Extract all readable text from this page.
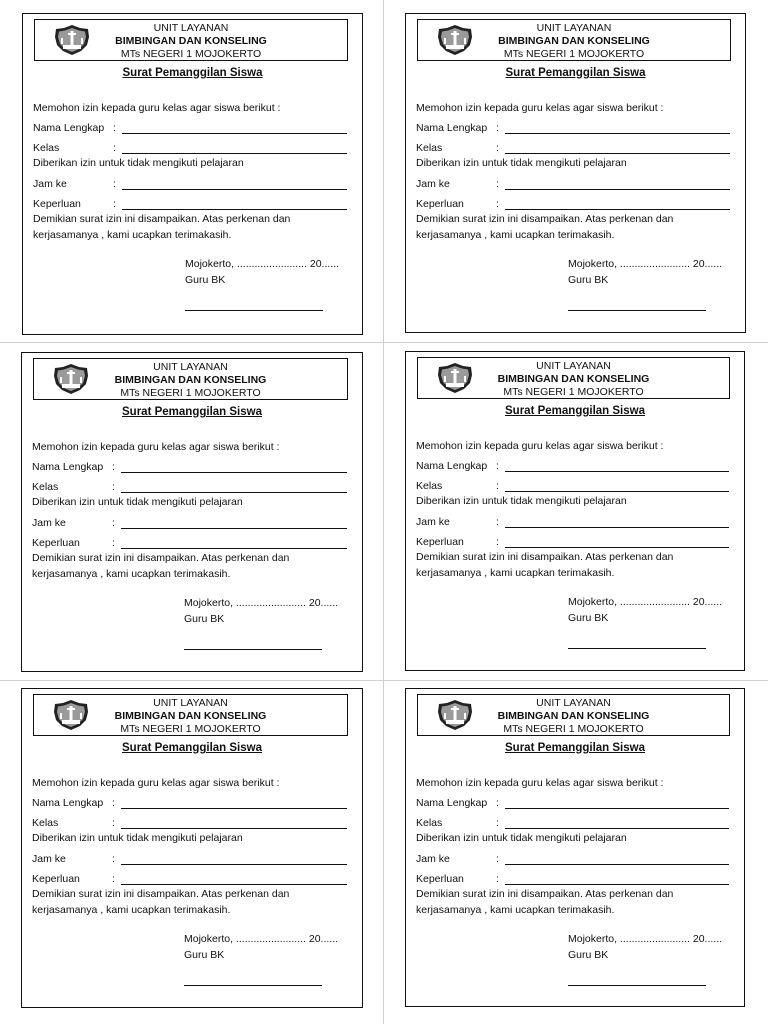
UNIT LAYANAN
BIMBINGAN DAN KONSELING
MTs NEGERI 1 MOJOKERTO
Surat Pemanggilan Siswa
Memohon izin kepada guru kelas agar siswa berikut :
Nama Lengkap :
Kelas	:
Diberikan izin untuk tidak mengikuti pelajaran
Jam ke	:
Keperluan	:
Demikian surat izin ini disampaikan. Atas perkenan dan
kerjasamanya , kami ucapkan terimakasih.
Mojokerto, ........................ 20......
Guru BK
UNIT LAYANAN
BIMBINGAN DAN KONSELING
MTs NEGERI 1 MOJOKERTO
Surat Pemanggilan Siswa
Memohon izin kepada guru kelas agar siswa berikut :
Nama Lengkap :
Kelas	:
Diberikan izin untuk tidak mengikuti pelajaran
Jam ke	:
Keperluan	:
Demikian surat izin ini disampaikan. Atas perkenan dan
kerjasamanya , kami ucapkan terimakasih.
Mojokerto, ........................ 20......
Guru BK
UNIT LAYANAN
BIMBINGAN DAN KONSELING
MTs NEGERI 1 MOJOKERTO
Surat Pemanggilan Siswa
Memohon izin kepada guru kelas agar siswa berikut :
Nama Lengkap :
Kelas	:
Diberikan izin untuk tidak mengikuti pelajaran
Jam ke	:
Keperluan	:
Demikian surat izin ini disampaikan. Atas perkenan dan
kerjasamanya , kami ucapkan terimakasih.
Mojokerto, ........................ 20......
Guru BK
UNIT LAYANAN
BIMBINGAN DAN KONSELING
MTs NEGERI 1 MOJOKERTO
Surat Pemanggilan Siswa
Memohon izin kepada guru kelas agar siswa berikut :
Nama Lengkap :
Kelas	:
Diberikan izin untuk tidak mengikuti pelajaran
Jam ke	:
Keperluan	:
Demikian surat izin ini disampaikan. Atas perkenan dan
kerjasamanya , kami ucapkan terimakasih.
Mojokerto, ........................ 20......
Guru BK
UNIT LAYANAN
BIMBINGAN DAN KONSELING
MTs NEGERI 1 MOJOKERTO
Surat Pemanggilan Siswa
Memohon izin kepada guru kelas agar siswa berikut :
Nama Lengkap :
Kelas	:
Diberikan izin untuk tidak mengikuti pelajaran
Jam ke	:
Keperluan	:
Demikian surat izin ini disampaikan. Atas perkenan dan
kerjasamanya , kami ucapkan terimakasih.
Mojokerto, ........................ 20......
Guru BK
UNIT LAYANAN
BIMBINGAN DAN KONSELING
MTs NEGERI 1 MOJOKERTO
Surat Pemanggilan Siswa
Memohon izin kepada guru kelas agar siswa berikut :
Nama Lengkap :
Kelas	:
Diberikan izin untuk tidak mengikuti pelajaran
Jam ke	:
Keperluan	:
Demikian surat izin ini disampaikan. Atas perkenan dan
kerjasamanya , kami ucapkan terimakasih.
Mojokerto, ........................ 20......
Guru BK
